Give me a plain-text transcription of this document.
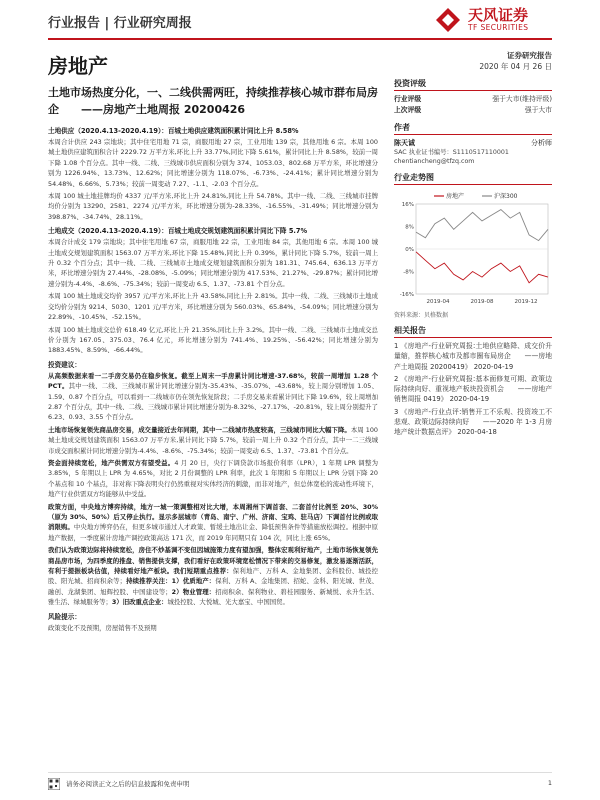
行业报告 | 行业研究周报	天风证券
TF SECURITIES
房地产
土地市场热度分化，一、二线供需两旺，持续推荐核心城市群布局房企　　——房地产土地周报 20200426
土地供应（2020.4.13-2020.4.19）：百城土地供应建筑面积累计同比上升 8.58%
本周合计供应 243 宗地块；其中住宅用地 71 宗，商服用地 27 宗，工业用地 139 宗，其他用地 6 宗。本周 100 城土地供应建筑面积合计 2229.72 万平方米,环比上升 33.77%,同比下降 5.61%，累计同比上升 8.58%，较前一周下降 1.08 个百分点。其中一线、二线、三线城市供应面积分别为 374、1053.03、802.68 万平方米，环比增速分别为 1226.94%、13.73%、12.62%；同比增速分别为 118.07%、-6.73%、-24.41%；累计同比增速分别为 54.48%、6.66%、5.73%；较前一周变动 7.27、-1.1、-2.03 个百分点。
本周 100 城土地挂牌均价 4337 元/平方米,环比上升 24.81%,同比上升 54.78%。其中一线、二线、三线城市挂牌均价分别为 13290、2581、2274 元/平方米，环比增速分别为-28.33%、-16.55%、-31.49%；同比增速分别为 398.87%、-34.74%、28.11%。
土地成交（2020.4.13-2020.4.19）：百城土地成交规划建筑面积累计同比下降 5.7%
本周合计成交 179 宗地块；其中住宅用地 67 宗，商服用地 22 宗，工业用地 84 宗，其他用地 6 宗。本周 100 城土地成交规划建筑面积 1563.07 万平方米,环比下降 15.48%,同比上升 0.39%，累计同比下降 5.7%，较前一周上升 0.32 个百分点；其中一线、二线、三线城市土地成交规划建筑面积分别为 181.31、745.64、636.13 万平方米，环比增速分别为 27.44%、-28.08%、-5.09%；同比增速分别为 417.53%、21.27%、-29.87%；累计同比增速分别为-4.4%、-8.6%、-75.34%；较前一周变动 6.5、1.37、-73.81 个百分点。
本周 100 城土地成交均价 3957 元/平方米,环比上升 43.58%,同比上升 2.81%。其中一线、二线、三线城市土地成交均价分别为 9214、5030、1201 元/平方米，环比增速分别为 560.03%、65.84%、-54.09%；同比增速分别为 22.89%、-10.45%、-52.15%。
本周 100 城土地成交总价 618.49 亿元,环比上升 21.35%,同比上升 3.2%。其中一线、二线、三线城市土地成交总价分别为 167.05、375.03、76.4 亿元，环比增速分别为 741.4%、19.25%、-56.42%；同比增速分别为 1883.45%、8.59%、-66.44%。
投资建议：
从高频数据来看一二手房交易仍在稳步恢复。截至上周末一手房累计同比增速-37.68%，较前一周增加 1.28 个 PCT。其中一线、二线、三线城市累计同比增速分别为-35.43%、-35.07%、-43.68%，较上周分别增加 1.05、1.59、0.87 个百分点，可以看到一二线城市仍在领先恢复阶段；二手房交易来看累计同比下降 19.6%，较上周增加 2.87 个百分点，其中一线、二线、三线城市累计同比增速分别为-8.32%、-27.17%、-20.81%，较上周分别提升了 6.23、0.93、3.55 个百分点。
土地市场恢复领先商品房交易，成交量接近去年同期，其中一二线城市热度较高，三线城市同比大幅下降。本周 100 城土地成交规划建筑面积 1563.07 万平方米,累计同比下降 5.7%，较前一周上升 0.32 个百分点，其中一二三线城市成交面积累计同比增速分别为-4.4%、-8.6%、-75.34%；较前一周变动 6.5、1.37、-73.81 个百分点。
资金面持续宽松，地产供需双方有望受益。4 月 20 日，央行下调贷款市场报价利率（LPR），1 年期 LPR 调整为 3.85%，5 年期以上 LPR 为 4.65%，对比 2 月份调整的 LPR 利率，此次 1 年期和 5 年期以上 LPR 分别下降 20 个基点和 10 个基点，非对称下降表明央行仍然重视对实体经济的刺激，而非对地产，但总体宽松的流动性环境下，地产行业供需双方均能够从中受益。
政策方面，中央地方博弈持续，地方一城一策调整相对比大增，本周湘州下调首套、二套首付比例至 20%、30%（原为 30%、50%）后又停止执行。显示多层城市（青岛、南宁、广州、济南、宝鸡、驻马店）下调首付比例或取消限购。中央地方博弈仍在，但更多城市通过人才政策、暂缓土地出让金、降低预售条件等措施放松调控。根据中原地产数据，一季度累计房地产调控政策高达 171 次，而 2019 年同期只有 104 次，同比上涨 65%。
我们认为政策边际将持续宽松，房住不炒基调不变但因城施策力度有望加强，整体宏观利好地产，土地市场恢复领先商品房市场，为四季度的推盘、销售提供支撑，我们看好在政策环境宽松情况下带来的交易修复，激发易逐渐活跃，有利于提振板块估值，持续看好地产板块。我们短期重点推荐：保利地产、万科 A、金地集团、金科股份、城投控股、阳光城、招商积余等；持续推荐关注：1）优质地产：保利、万科 A、金地集团、招蛇、金科、阳光城、世茂、融创、龙湖集团、旭辉控股、中国建设等；2）物业管理：招商积余、保利物业、碧桂园服务、新城悦、永升生活、雅生活、绿城服务等；3）旧改重点企业：城投控股、大悦城、光大嘉宝、中国国贸。
风险提示：
政策变化不及预期，房屋销售不及预期
证券研究报告
2020 年 04 月 26 日
投资评级
行业评级	强于大市(维持评级)
上次评级	强于大市
作者
陈天诚	分析师
SAC 执业证书编号：S1110517110001
chentiancheng@tfzq.com
行业走势图
16%
8%
0%
-8%
-16%
2019-04	2019-08	2019-12
房地产	沪深300
资料来源：贝格数据
相关报告
1 《房地产-行业研究周报:土地供应略降、成交价升量缩，推荐核心城市及都市圈布局房企　　——房地产土地周报 20200419》 2020-04-19
2 《房地产-行业研究周报:基本面修复可期、政策边际持续向好、重视地产板块投资机会　　——房地产销售周报 0419》 2020-04-19
3 《房地产-行业点评:销售开工不乐观、投资竣工不悲观、政策边际持续向好　　——2020 年 1-3 月房地产统计数据点评》 2020-04-18
请务必阅读正文之后的信息披露和免责申明	1
